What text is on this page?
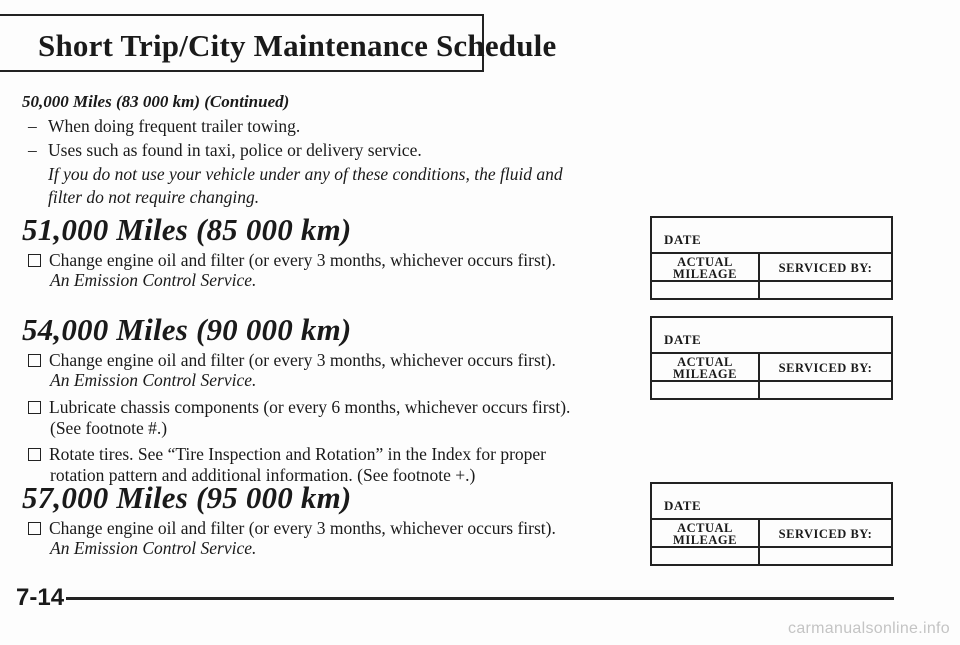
Short Trip/City Maintenance Schedule
50,000 Miles (83 000 km) (Continued)
– When doing frequent trailer towing.
– Uses such as found in taxi, police or delivery service.
If you do not use your vehicle under any of these conditions, the fluid and
filter do not require changing.
51,000 Miles (85 000 km)
Change engine oil and filter (or every 3 months, whichever occurs first).
An Emission Control Service.
54,000 Miles (90 000 km)
Change engine oil and filter (or every 3 months, whichever occurs first).
An Emission Control Service.
Lubricate chassis components (or every 6 months, whichever occurs first).
(See footnote #.)
Rotate tires. See “Tire Inspection and Rotation” in the Index for proper
rotation pattern and additional information. (See footnote +.)
57,000 Miles (95 000 km)
Change engine oil and filter (or every 3 months, whichever occurs first).
An Emission Control Service.
DATE
ACTUAL
MILEAGE	SERVICED BY:
DATE
ACTUAL
MILEAGE	SERVICED BY:
DATE
ACTUAL
MILEAGE	SERVICED BY:
7-14
carmanualsonline.info
